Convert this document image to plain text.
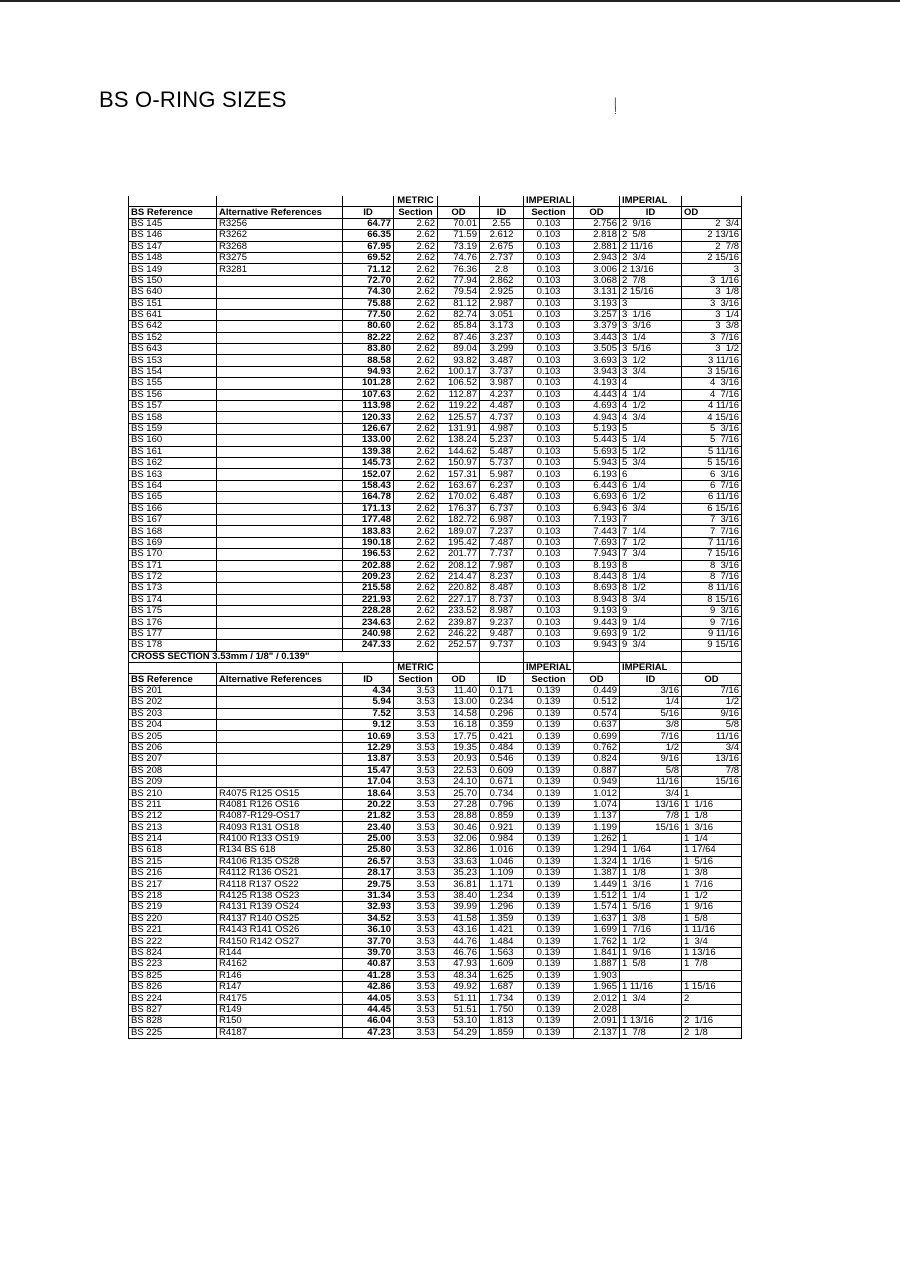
BS O-RING SIZES	|
!
			METRIC			IMPERIAL		IMPERIAL	
BS Reference	Alternative References	ID	Section	OD	ID	Section	OD	ID	OD
BS 145	R3256	64.77	2.62	70.01	2.55	0.103	2.756	2  9/16	2  3/4
BS 146	R3262	66.35	2.62	71.59	2.612	0.103	2.818	2  5/8	2 13/16
BS 147	R3268	67.95	2.62	73.19	2.675	0.103	2.881	2 11/16	2  7/8
BS 148	R3275	69.52	2.62	74.76	2.737	0.103	2.943	2  3/4	2 15/16
BS 149	R3281	71.12	2.62	76.36	2.8	0.103	3.006	2 13/16	3
BS 150		72.70	2.62	77.94	2.862	0.103	3.068	2  7/8	3  1/16
BS 640		74.30	2.62	79.54	2.925	0.103	3.131	2 15/16	3  1/8
BS 151		75.88	2.62	81.12	2.987	0.103	3.193	3	3  3/16
BS 641		77.50	2.62	82.74	3.051	0.103	3.257	3  1/16	3  1/4
BS 642		80.60	2.62	85.84	3.173	0.103	3.379	3  3/16	3  3/8
BS 152		82.22	2.62	87.46	3.237	0.103	3.443	3  1/4	3  7/16
BS 643		83.80	2.62	89.04	3.299	0.103	3.505	3  5/16	3  1/2
BS 153		88.58	2.62	93.82	3.487	0.103	3.693	3  1/2	3 11/16
BS 154		94.93	2.62	100.17	3.737	0.103	3.943	3  3/4	3 15/16
BS 155		101.28	2.62	106.52	3.987	0.103	4.193	4	4  3/16
BS 156		107.63	2.62	112.87	4.237	0.103	4.443	4  1/4	4  7/16
BS 157		113.98	2.62	119.22	4.487	0.103	4.693	4  1/2	4 11/16
BS 158		120.33	2.62	125.57	4.737	0.103	4.943	4  3/4	4 15/16
BS 159		126.67	2.62	131.91	4.987	0.103	5.193	5	5  3/16
BS 160		133.00	2.62	138.24	5.237	0.103	5.443	5  1/4	5  7/16
BS 161		139.38	2.62	144.62	5.487	0.103	5.693	5  1/2	5 11/16
BS 162		145.73	2.62	150.97	5.737	0.103	5.943	5  3/4	5 15/16
BS 163		152.07	2.62	157.31	5.987	0.103	6.193	6	6  3/16
BS 164		158.43	2.62	163.67	6.237	0.103	6.443	6  1/4	6  7/16
BS 165		164.78	2.62	170.02	6.487	0.103	6.693	6  1/2	6 11/16
BS 166		171.13	2.62	176.37	6.737	0.103	6.943	6  3/4	6 15/16
BS 167		177.48	2.62	182.72	6.987	0.103	7.193	7	7  3/16
BS 168		183.83	2.62	189.07	7.237	0.103	7.443	7  1/4	7  7/16
BS 169		190.18	2.62	195.42	7.487	0.103	7.693	7  1/2	7 11/16
BS 170		196.53	2.62	201.77	7.737	0.103	7.943	7  3/4	7 15/16
BS 171		202.88	2.62	208.12	7.987	0.103	8.193	8	8  3/16
BS 172		209.23	2.62	214.47	8.237	0.103	8.443	8  1/4	8  7/16
BS 173		215.58	2.62	220.82	8.487	0.103	8.693	8  1/2	8 11/16
BS 174		221.93	2.62	227.17	8.737	0.103	8.943	8  3/4	8 15/16
BS 175		228.28	2.62	233.52	8.987	0.103	9.193	9	9  3/16
BS 176		234.63	2.62	239.87	9.237	0.103	9.443	9  1/4	9  7/16
BS 177		240.98	2.62	246.22	9.487	0.103	9.693	9  1/2	9 11/16
BS 178		247.33	2.62	252.57	9.737	0.103	9.943	9  3/4	9 15/16
CROSS SECTION 3.53mm / 1/8" / 0.139"									
			METRIC			IMPERIAL		IMPERIAL	
BS Reference	Alternative References	ID	Section	OD	ID	Section	OD	ID	OD
BS 201		4.34	3.53	11.40	0.171	0.139	0.449	3/16	7/16
BS 202		5.94	3.53	13.00	0.234	0.139	0.512	1/4	1/2
BS 203		7.52	3.53	14.58	0.296	0.139	0.574	5/16	9/16
BS 204		9.12	3.53	16.18	0.359	0.139	0.637	3/8	5/8
BS 205		10.69	3.53	17.75	0.421	0.139	0.699	7/16	11/16
BS 206		12.29	3.53	19.35	0.484	0.139	0.762	1/2	3/4
BS 207		13.87	3.53	20.93	0.546	0.139	0.824	9/16	13/16
BS 208		15.47	3.53	22.53	0.609	0.139	0.887	5/8	7/8
BS 209		17.04	3.53	24.10	0.671	0.139	0.949	11/16	15/16
BS 210	R4075 R125 OS15	18.64	3.53	25.70	0.734	0.139	1.012	3/4	1
BS 211	R4081 R126 OS16	20.22	3.53	27.28	0.796	0.139	1.074	13/16	1  1/16
BS 212	R4087-R129-OS17	21.82	3.53	28.88	0.859	0.139	1.137	7/8	1  1/8
BS 213	R4093 R131 OS18	23.40	3.53	30.46	0.921	0.139	1.199	15/16	1  3/16
BS 214	R4100 R133 OS19	25.00	3.53	32.06	0.984	0.139	1.262	1	1  1/4
BS 618	R134 BS 618	25.80	3.53	32.86	1.016	0.139	1.294	1  1/64	1 17/64
BS 215	R4106 R135 OS28	26.57	3.53	33.63	1.046	0.139	1.324	1  1/16	1  5/16
BS 216	R4112 R136 OS21	28.17	3.53	35.23	1.109	0.139	1.387	1  1/8	1  3/8
BS 217	R4118 R137 OS22	29.75	3.53	36.81	1.171	0.139	1.449	1  3/16	1  7/16
BS 218	R4125 R138 OS23	31.34	3.53	38.40	1.234	0.139	1.512	1  1/4	1  1/2
BS 219	R4131 R139 OS24	32.93	3.53	39.99	1.296	0.139	1.574	1  5/16	1  9/16
BS 220	R4137 R140 OS25	34.52	3.53	41.58	1.359	0.139	1.637	1  3/8	1  5/8
BS 221	R4143 R141 OS26	36.10	3.53	43.16	1.421	0.139	1.699	1  7/16	1 11/16
BS 222	R4150 R142 OS27	37.70	3.53	44.76	1.484	0.139	1.762	1  1/2	1  3/4
BS 824	R144	39.70	3.53	46.76	1.563	0.139	1.841	1  9/16	1 13/16
BS 223	R4162	40.87	3.53	47.93	1.609	0.139	1.887	1  5/8	1  7/8
BS 825	R146	41.28	3.53	48.34	1.625	0.139	1.903		
BS 826	R147	42.86	3.53	49.92	1.687	0.139	1.965	1 11/16	1 15/16
BS 224	R4175	44.05	3.53	51.11	1.734	0.139	2.012	1  3/4	2
BS 827	R149	44.45	3.53	51.51	1.750	0.139	2.028		
BS 828	R150	46.04	3.53	53.10	1.813	0.139	2.091	1 13/16	2  1/16
BS 225	R4187	47.23	3.53	54.29	1.859	0.139	2.137	1  7/8	2  1/8
